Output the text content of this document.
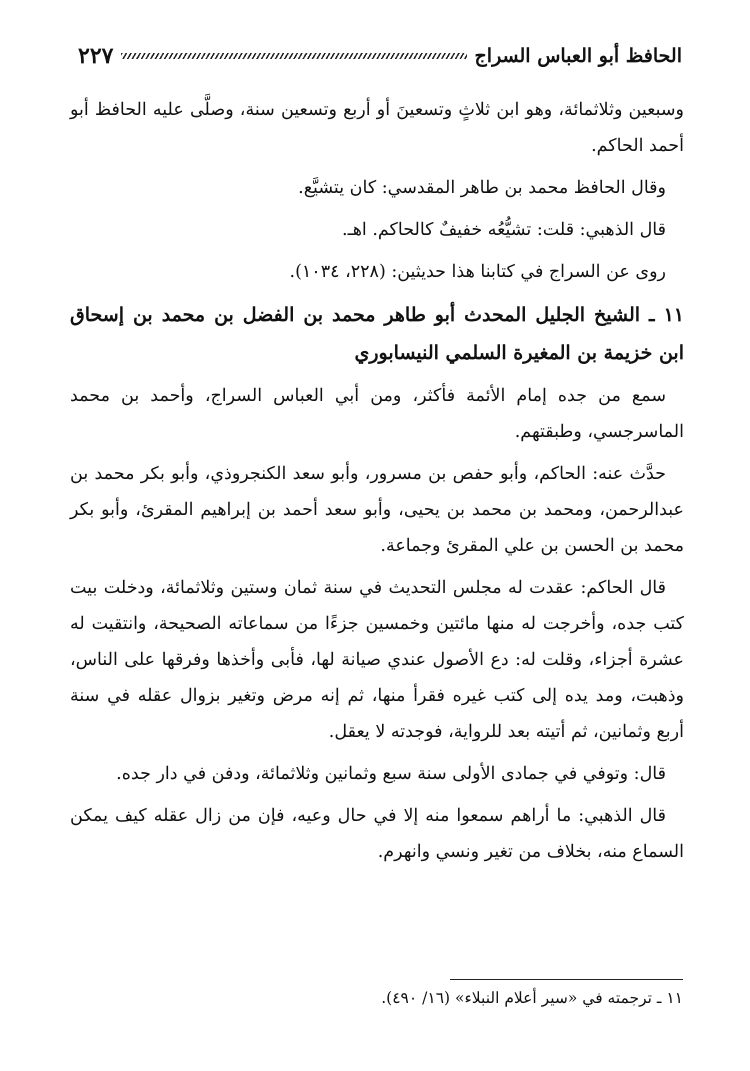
٢٢٧	الحافظ أبو العباس السراج

وسبعين وثلاثمائة، وهو ابن ثلاثٍ وتسعينَ أو أربع وتسعين سنة، وصلَّى عليه الحافظ أبو أحمد الحاكم.

وقال الحافظ محمد بن طاهر المقدسي: كان يتشيَّع.

قال الذهبي: قلت: تشيُّعُه خفيفٌ كالحاكم. اهـ.

روى عن السراج في كتابنا هذا حديثين: (٢٢٨، ١٠٣٤).

١١ ـ الشيخ الجليل المحدث أبو طاهر محمد بن الفضل بن محمد بن إسحاق ابن خزيمة بن المغيرة السلمي النيسابوري

سمع من جده إمام الأئمة فأكثر، ومن أبي العباس السراج، وأحمد بن محمد الماسرجسي، وطبقتهم.

حدَّث عنه: الحاكم، وأبو حفص بن مسرور، وأبو سعد الكنجروذي، وأبو بكر محمد بن عبدالرحمن، ومحمد بن محمد بن يحيى، وأبو سعد أحمد بن إبراهيم المقرئ، وأبو بكر محمد بن الحسن بن علي المقرئ وجماعة.

قال الحاكم: عقدت له مجلس التحديث في سنة ثمان وستين وثلاثمائة، ودخلت بيت كتب جده، وأخرجت له منها مائتين وخمسين جزءًا من سماعاته الصحيحة، وانتقيت له عشرة أجزاء، وقلت له: دع الأصول عندي صيانة لها، فأبى وأخذها وفرقها على الناس، وذهبت، ومد يده إلى كتب غيره فقرأ منها، ثم إنه مرض وتغير بزوال عقله في سنة أربع وثمانين، ثم أتيته بعد للرواية، فوجدته لا يعقل.

قال: وتوفي في جمادى الأولى سنة سبع وثمانين وثلاثمائة، ودفن في دار جده.

قال الذهبي: ما أراهم سمعوا منه إلا في حال وعيه، فإن من زال عقله كيف يمكن السماع منه، بخلاف من تغير ونسي وانهرم.

١١ ـ ترجمته في «سير أعلام النبلاء» (١٦/ ٤٩٠).
